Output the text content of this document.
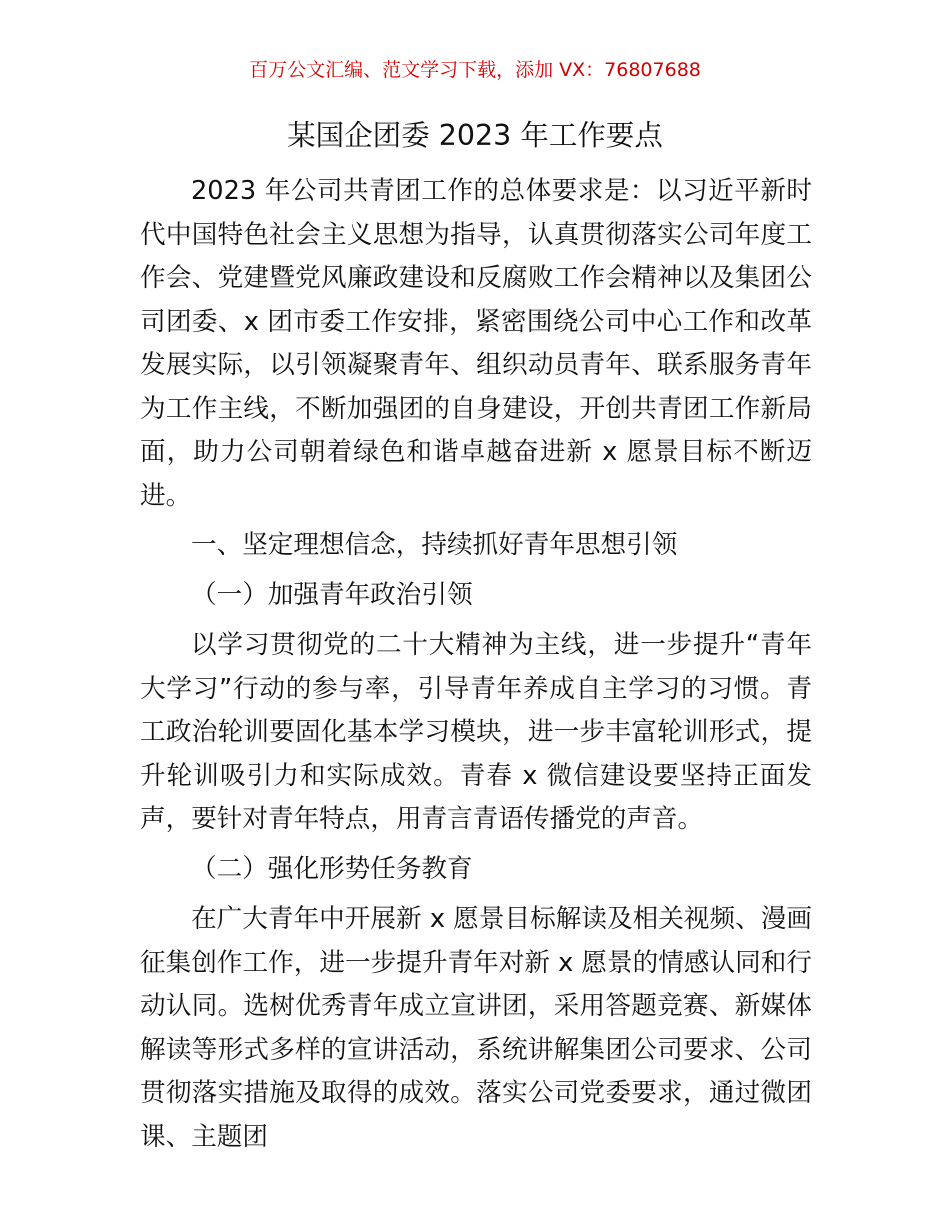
百万公文汇编、范文学习下载，添加 VX：76807688
某国企团委 2023 年工作要点

2023 年公司共青团工作的总体要求是：以习近平新时代中国特色社会主义思想为指导，认真贯彻落实公司年度工作会、党建暨党风廉政建设和反腐败工作会精神以及集团公司团委、x 团市委工作安排，紧密围绕公司中心工作和改革发展实际，以引领凝聚青年、组织动员青年、联系服务青年为工作主线，不断加强团的自身建设，开创共青团工作新局面，助力公司朝着绿色和谐卓越奋进新 x 愿景目标不断迈进。

一、坚定理想信念，持续抓好青年思想引领

（一）加强青年政治引领

以学习贯彻党的二十大精神为主线，进一步提升“青年大学习”行动的参与率，引导青年养成自主学习的习惯。青工政治轮训要固化基本学习模块，进一步丰富轮训形式，提升轮训吸引力和实际成效。青春 x 微信建设要坚持正面发声，要针对青年特点，用青言青语传播党的声音。

（二）强化形势任务教育

在广大青年中开展新 x 愿景目标解读及相关视频、漫画征集创作工作，进一步提升青年对新 x 愿景的情感认同和行动认同。选树优秀青年成立宣讲团，采用答题竞赛、新媒体解读等形式多样的宣讲活动，系统讲解集团公司要求、公司贯彻落实措施及取得的成效。落实公司党委要求，通过微团课、主题团
